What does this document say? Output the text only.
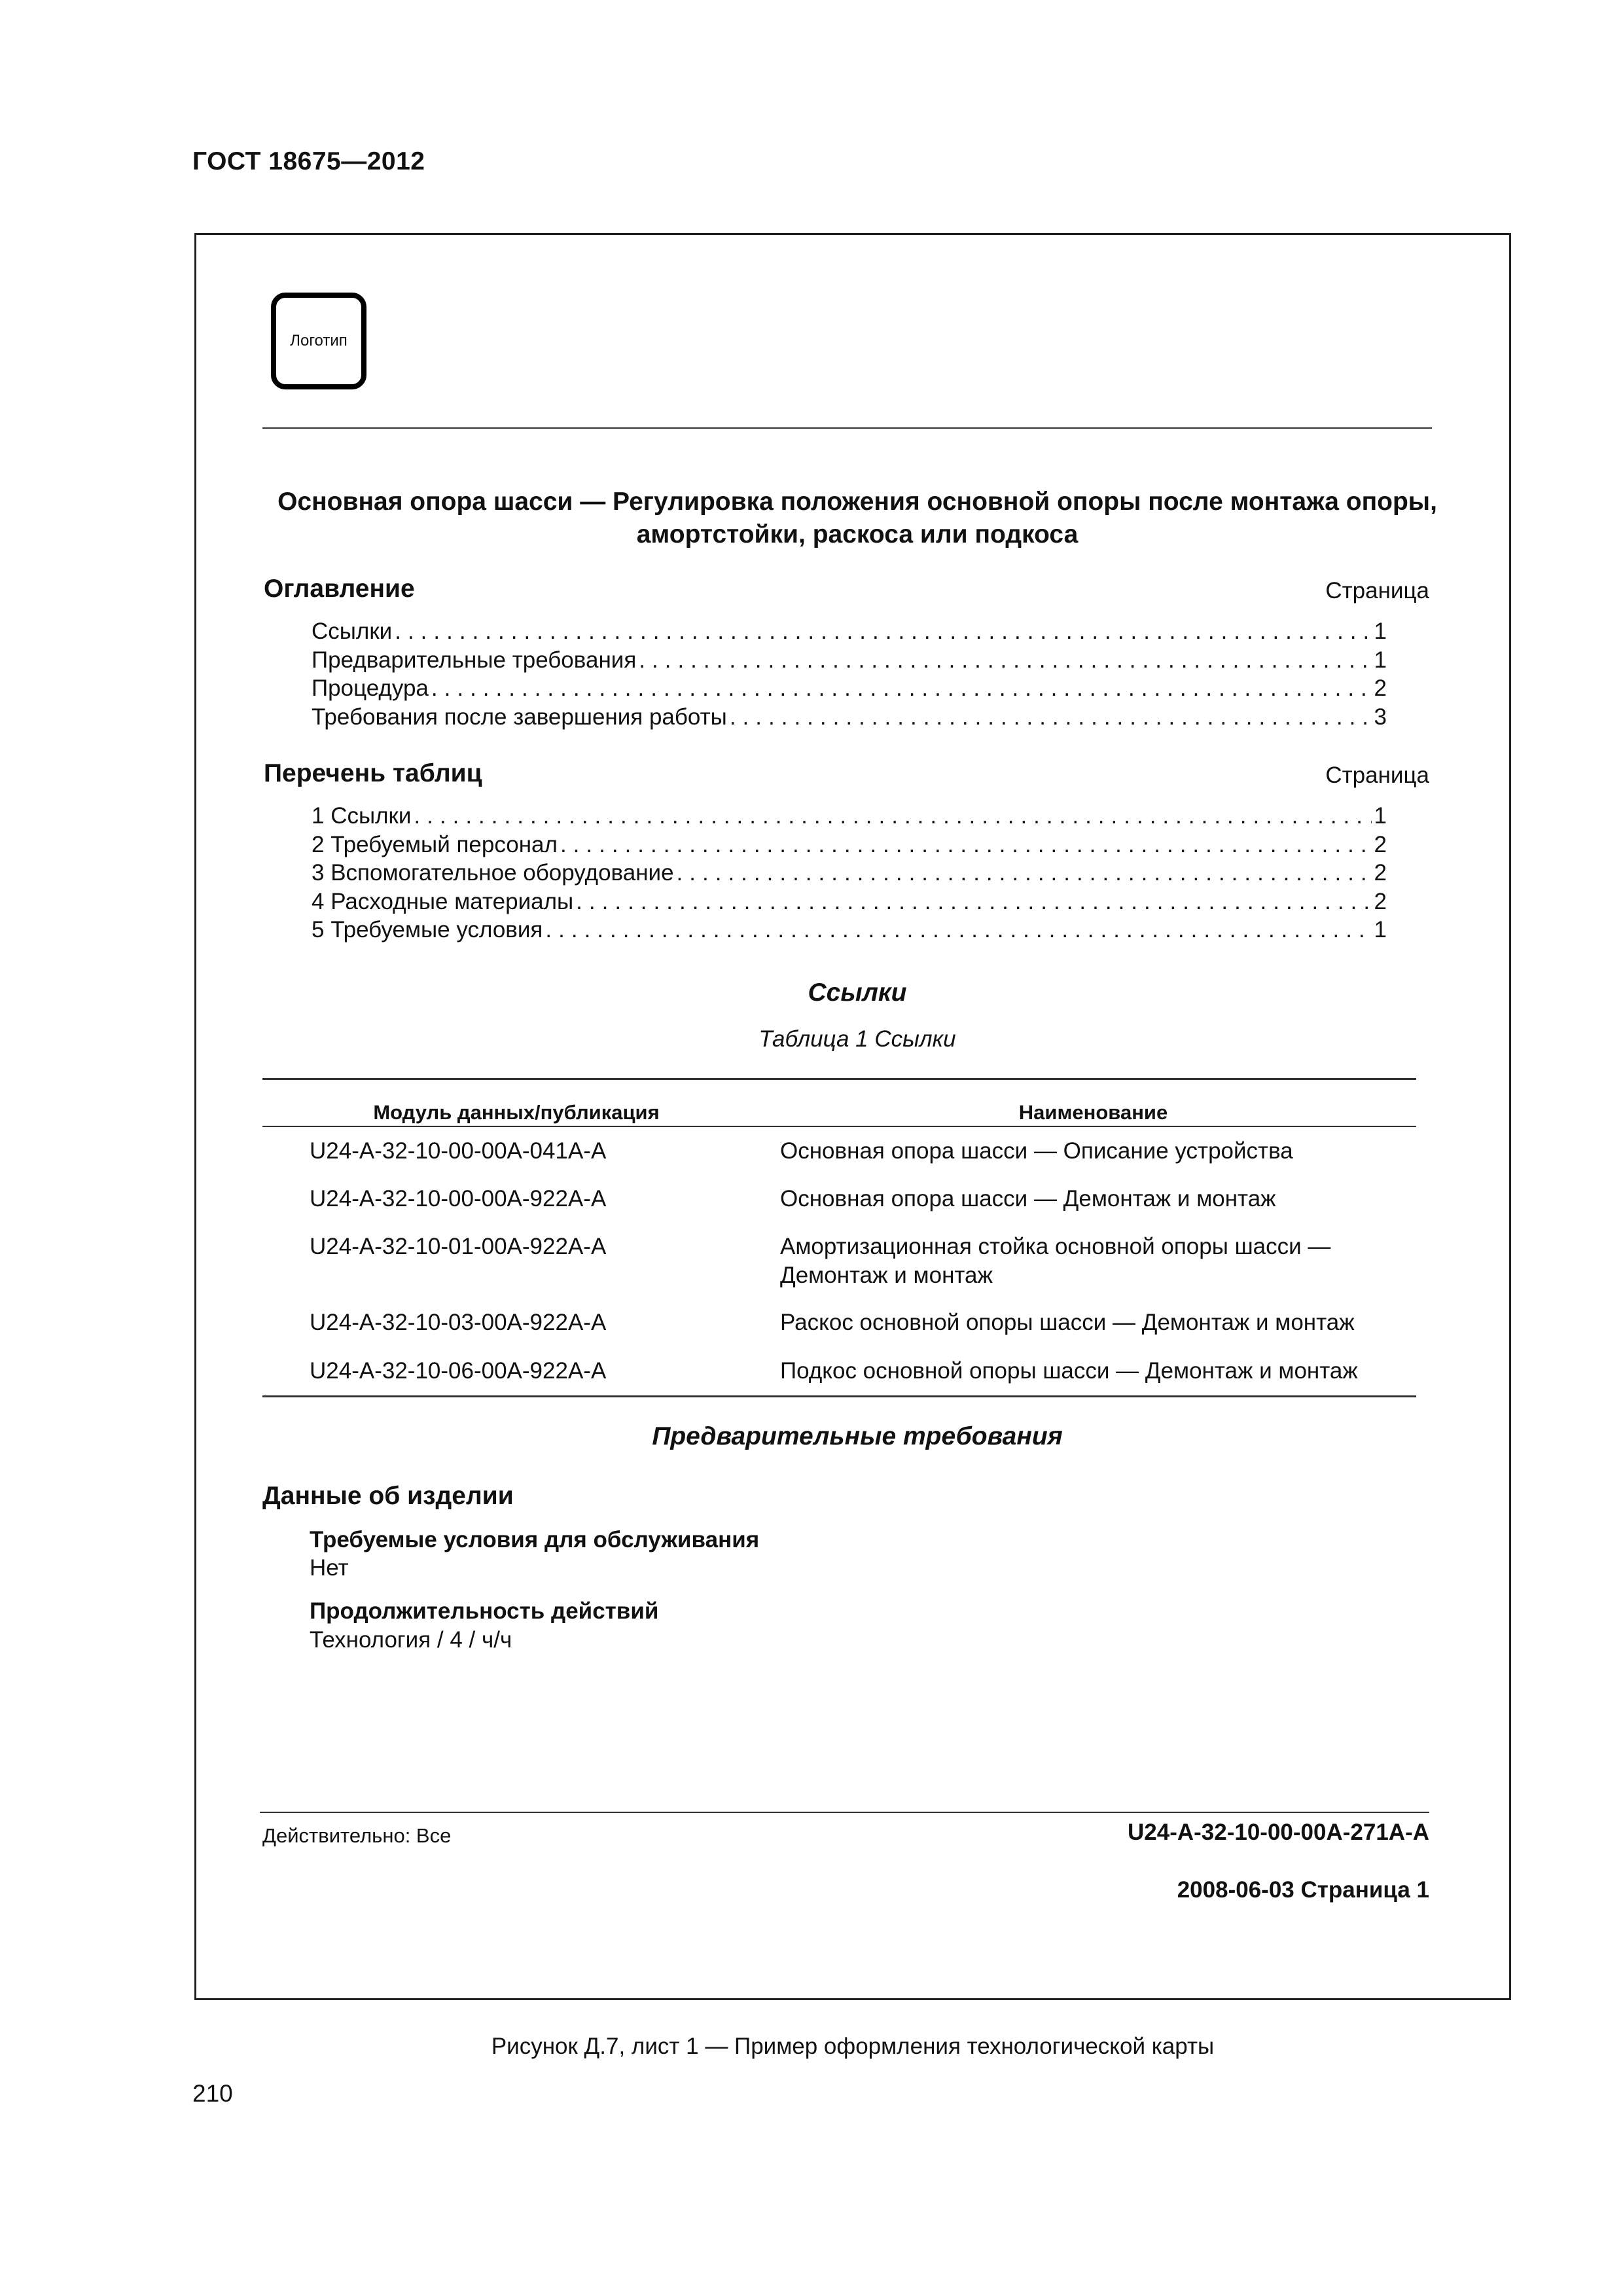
ГОСТ 18675—2012
Логотип
Основная опора шасси — Регулировка положения основной опоры после монтажа опоры,
амортстойки, раскоса или подкоса
Оглавление	Страница
Ссылки .....	1
Предварительные требования .....	1
Процедура .....	2
Требования после завершения работы .....	3
Перечень таблиц	Страница
1 Ссылки .....	1
2 Требуемый персонал .....	2
3 Вспомогательное оборудование .....	2
4 Расходные материалы .....	2
5 Требуемые условия .....	1
Ссылки
Таблица 1 Ссылки
Модуль данных/публикация	Наименование
U24-A-32-10-00-00A-041A-A	Основная опора шасси — Описание устройства
U24-A-32-10-00-00A-922A-A	Основная опора шасси — Демонтаж и монтаж
U24-A-32-10-01-00A-922A-A	Амортизационная стойка основной опоры шасси —
Демонтаж и монтаж
U24-A-32-10-03-00A-922A-A	Раскос основной опоры шасси — Демонтаж и монтаж
U24-A-32-10-06-00A-922A-A	Подкос основной опоры шасси — Демонтаж и монтаж
Предварительные требования
Данные об изделии
Требуемые условия для обслуживания
Нет
Продолжительность действий
Технология / 4 / ч/ч
Действительно: Все	U24-A-32-10-00-00A-271A-A
2008-06-03 Страница 1
Рисунок Д.7, лист 1 — Пример оформления технологической карты
210
